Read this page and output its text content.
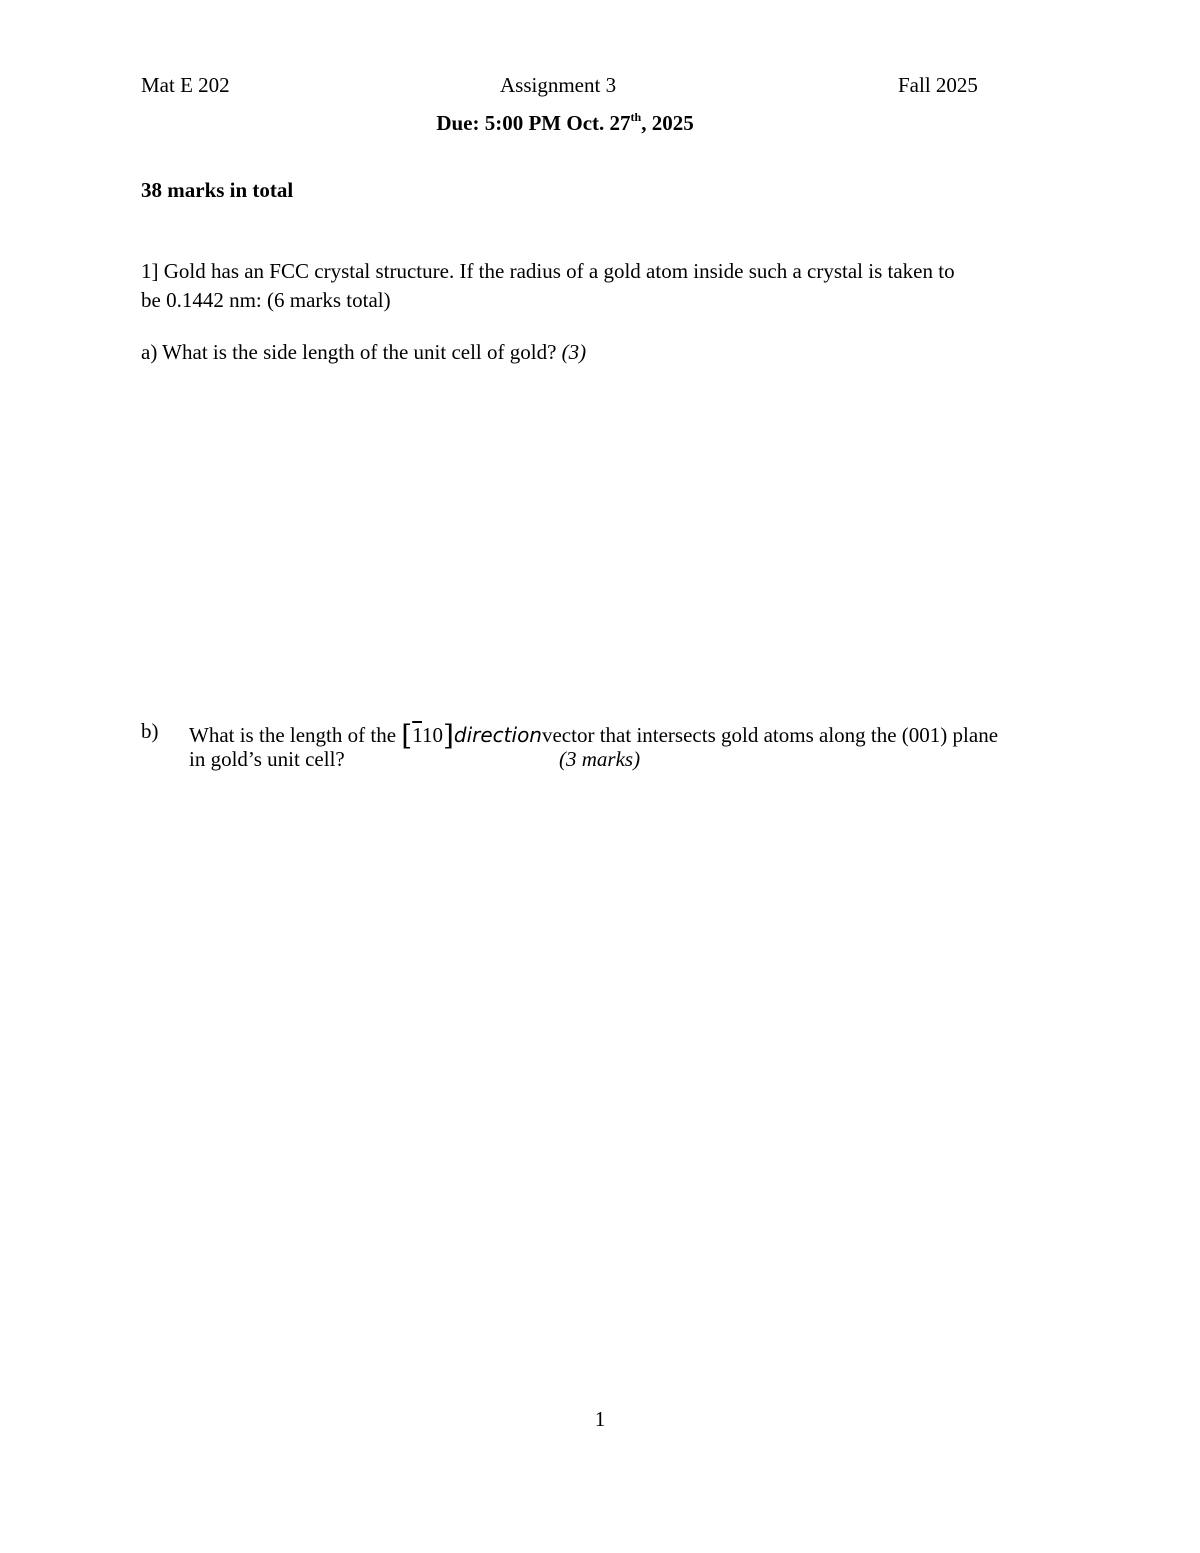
Mat E 202	Assignment 3	Fall 2025
Due: 5:00 PM Oct. 27th, 2025
38 marks in total
1] Gold has an FCC crystal structure. If the radius of a gold atom inside such a crystal is taken to
be 0.1442 nm: (6 marks total)
a) What is the side length of the unit cell of gold? (3)
b) What is the length of the [110]directionvector that intersects gold atoms along the (001) plane
in gold’s unit cell?	(3 marks)
1
